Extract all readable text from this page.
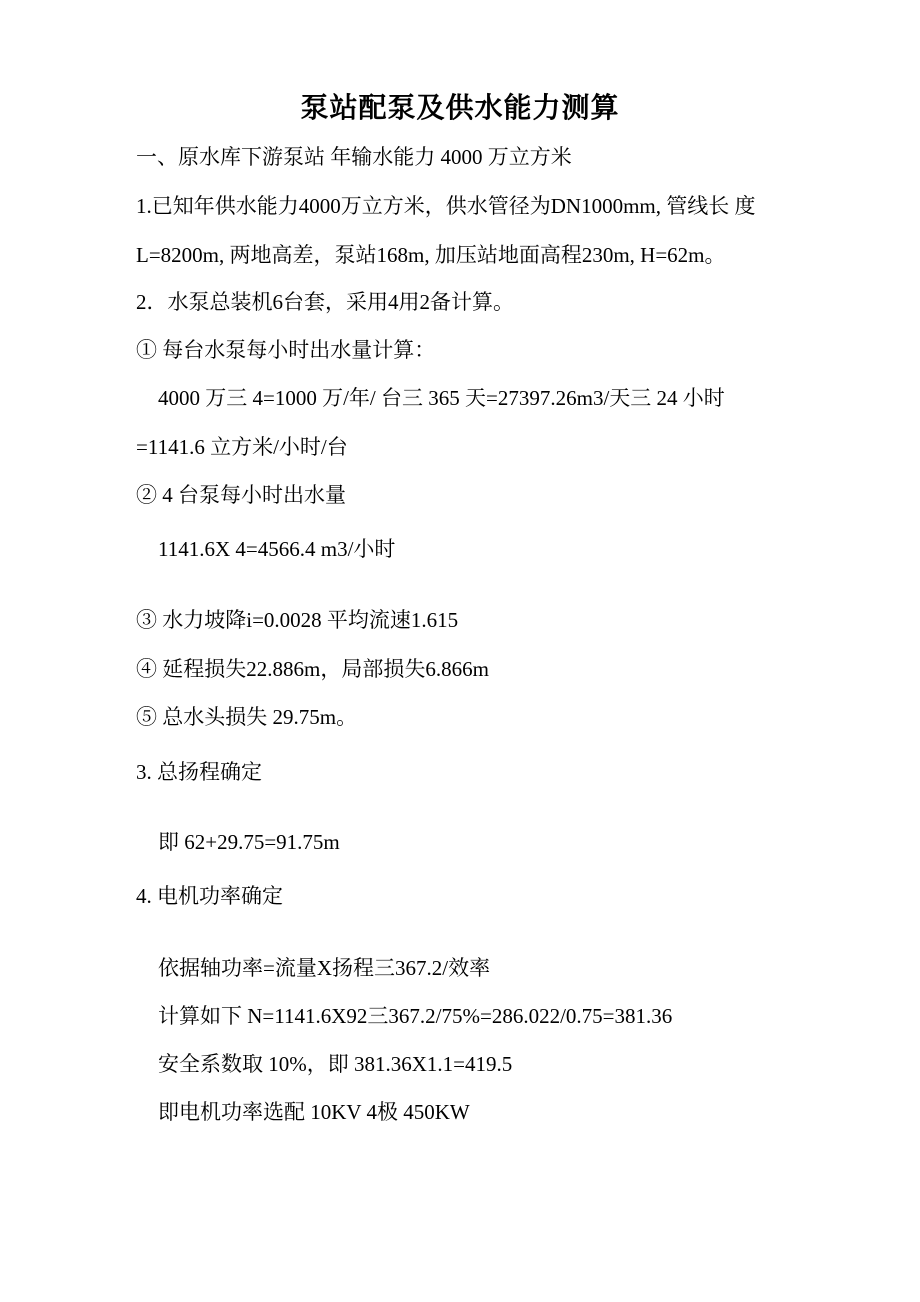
泵站配泵及供水能力测算
一、原水库下游泵站 年输水能力 4000 万立方米
1.已知年供水能力4000万立方米，供水管径为DN1000mm, 管线长 度
L=8200m, 两地高差，泵站168m, 加压站地面高程230m, H=62m。
2．水泵总装机6台套，采用4用2备计算。
① 每台水泵每小时出水量计算：
4000 万三 4=1000 万/年/ 台三 365 天=27397.26m3/天三 24 小时
=1141.6 立方米/小时/台
② 4 台泵每小时出水量
1141.6X 4=4566.4 m3/小时
③ 水力坡降i=0.0028 平均流速1.615
④ 延程损失22.886m，局部损失6.866m
⑤ 总水头损失 29.75m。
3. 总扬程确定
即 62+29.75=91.75m
4. 电机功率确定
依据轴功率=流量X扬程三367.2/效率
计算如下 N=1141.6X92三367.2/75%=286.022/0.75=381.36
安全系数取 10%，即 381.36X1.1=419.5
即电机功率选配 10KV 4极 450KW
